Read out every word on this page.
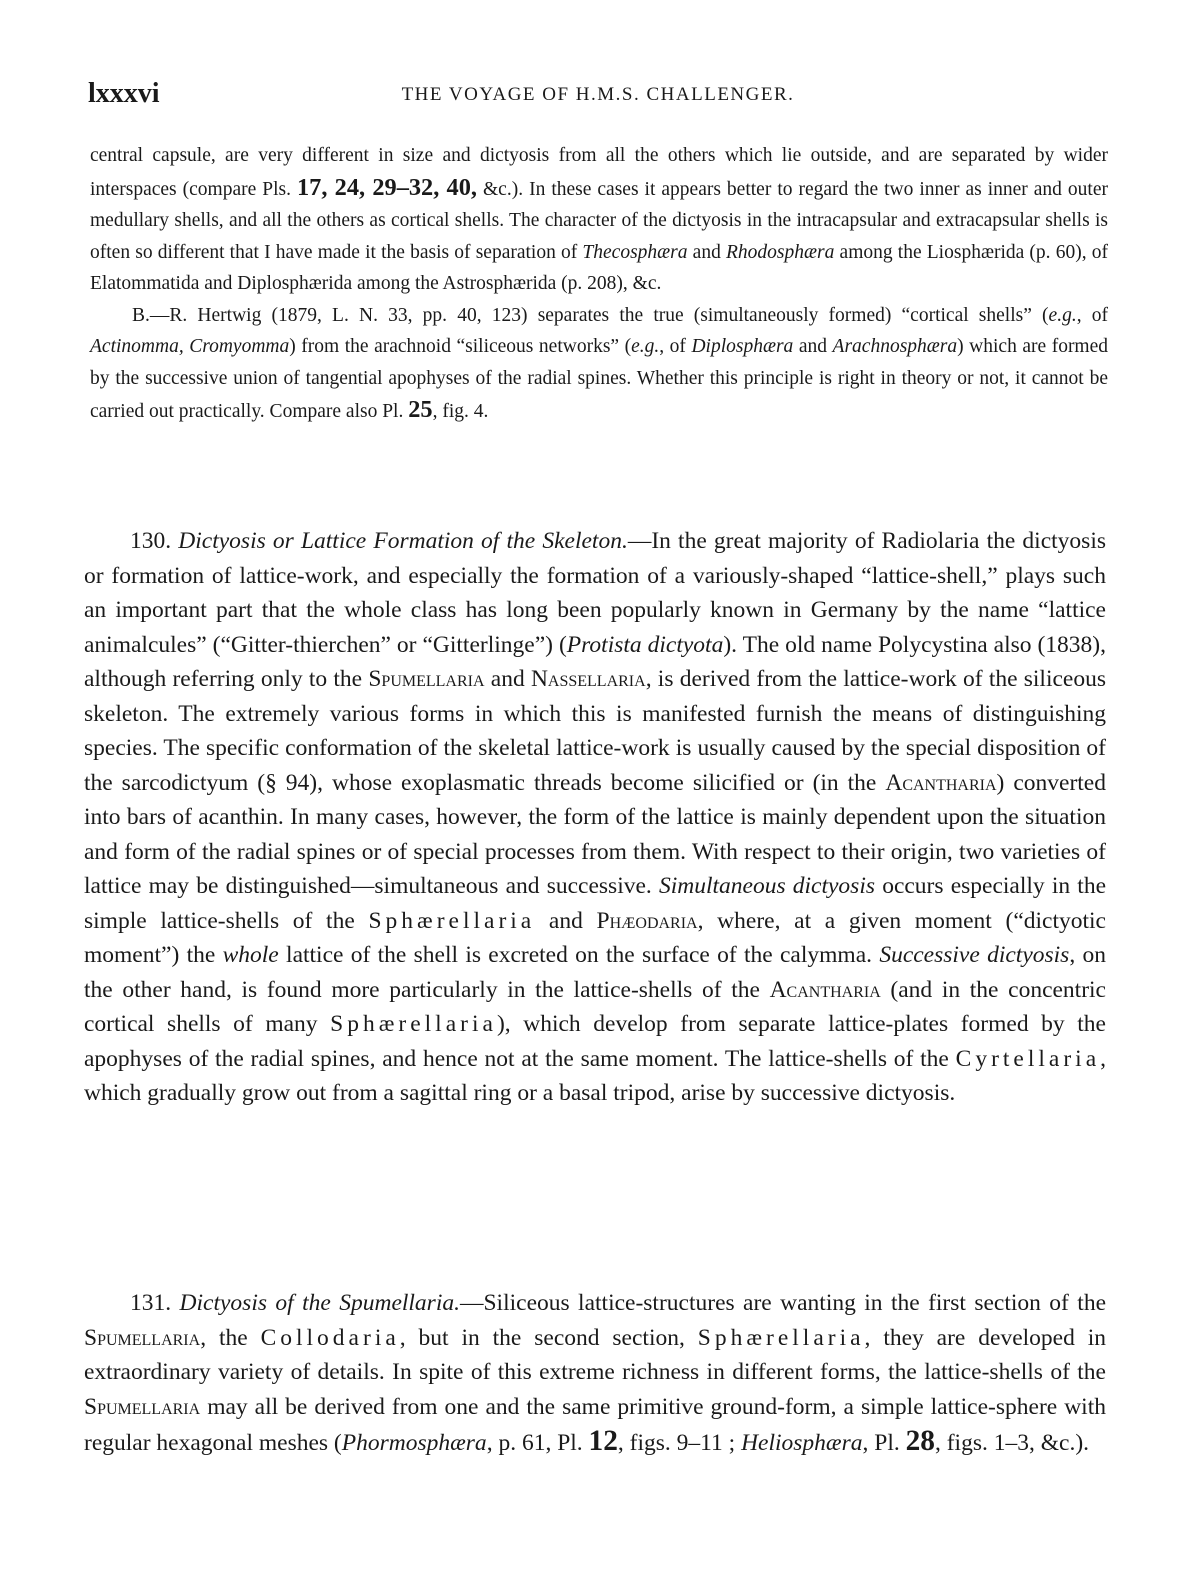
lxxxvi	THE VOYAGE OF H.M.S. CHALLENGER.

central capsule, are very different in size and dictyosis from all the others which lie outside, and are separated by wider interspaces (compare Pls. 17, 24, 29–32, 40, &c.). In these cases it appears better to regard the two inner as inner and outer medullary shells, and all the others as cortical shells. The character of the dictyosis in the intracapsular and extracapsular shells is often so different that I have made it the basis of separation of Thecosphæra and Rhodosphæra among the Liosphærida (p. 60), of Elatommatida and Diplosphærida among the Astrosphærida (p. 208), &c.

B.—R. Hertwig (1879, L. N. 33, pp. 40, 123) separates the true (simultaneously formed) “cortical shells” (e.g., of Actinomma, Cromyomma) from the arachnoid “siliceous networks” (e.g., of Diplosphæra and Arachnosphæra) which are formed by the successive union of tangential apophyses of the radial spines. Whether this principle is right in theory or not, it cannot be carried out practically. Compare also Pl. 25, fig. 4.

130. Dictyosis or Lattice Formation of the Skeleton.—In the great majority of Radiolaria the dictyosis or formation of lattice-work, and especially the formation of a variously-shaped “lattice-shell,” plays such an important part that the whole class has long been popularly known in Germany by the name “lattice animalcules” (“Gitter-thierchen” or “Gitterlinge”) (Protista dictyota). The old name Polycystina also (1838), although referring only to the Spumellaria and Nassellaria, is derived from the lattice-work of the siliceous skeleton. The extremely various forms in which this is manifested furnish the means of distinguishing species. The specific conformation of the skeletal lattice-work is usually caused by the special disposition of the sarcodictyum (§ 94), whose exoplasmatic threads become silicified or (in the Acantharia) converted into bars of acanthin. In many cases, however, the form of the lattice is mainly dependent upon the situation and form of the radial spines or of special processes from them. With respect to their origin, two varieties of lattice may be distinguished—simultaneous and successive. Simultaneous dictyosis occurs especially in the simple lattice-shells of the Sphærellaria and Phæodaria, where, at a given moment (“dictyotic moment”) the whole lattice of the shell is excreted on the surface of the calymma. Successive dictyosis, on the other hand, is found more particularly in the lattice-shells of the Acantharia (and in the concentric cortical shells of many Sphærellaria), which develop from separate lattice-plates formed by the apophyses of the radial spines, and hence not at the same moment. The lattice-shells of the Cyrtellaria, which gradually grow out from a sagittal ring or a basal tripod, arise by successive dictyosis.

131. Dictyosis of the Spumellaria.—Siliceous lattice-structures are wanting in the first section of the Spumellaria, the Collodaria, but in the second section, Sphærellaria, they are developed in extraordinary variety of details. In spite of this extreme richness in different forms, the lattice-shells of the Spumellaria may all be derived from one and the same primitive ground-form, a simple lattice-sphere with regular hexagonal meshes (Phormosphæra, p. 61, Pl. 12, figs. 9–11 ; Heliosphæra, Pl. 28, figs. 1–3, &c.).
